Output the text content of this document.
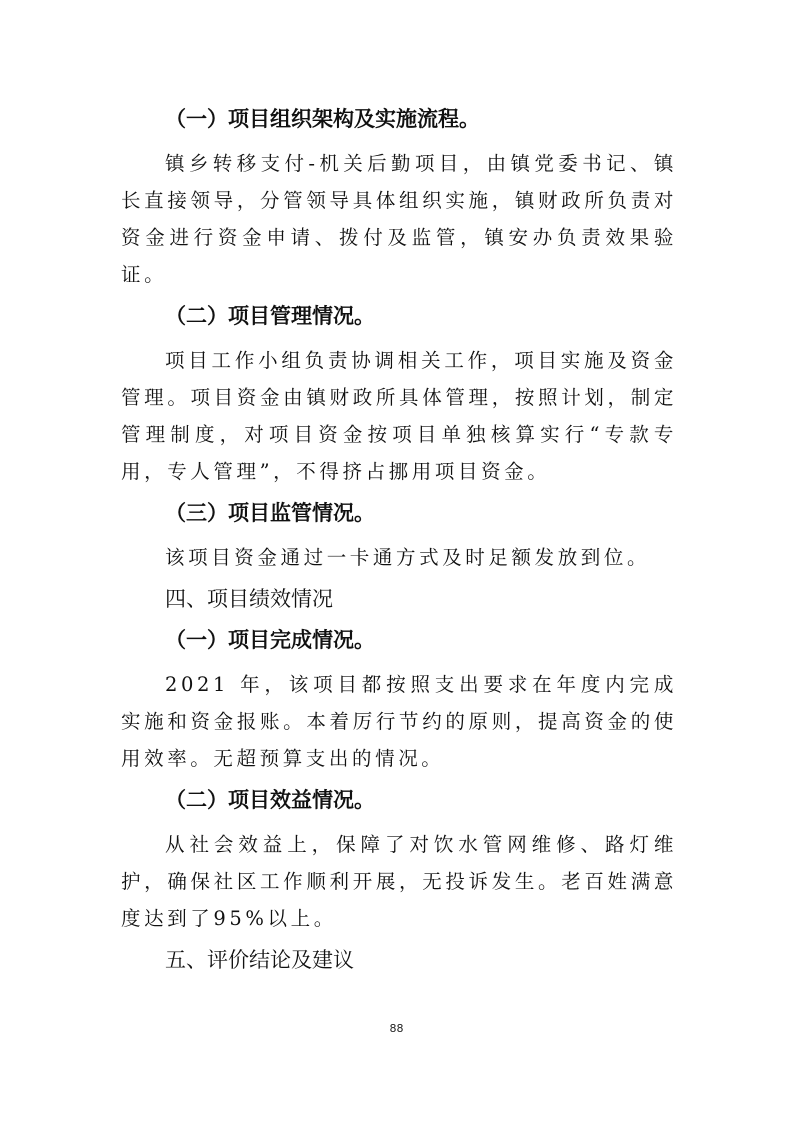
（一）项目组织架构及实施流程。

镇乡转移支付-机关后勤项目，由镇党委书记、镇长直接领导，分管领导具体组织实施，镇财政所负责对资金进行资金申请、拨付及监管，镇安办负责效果验证。

（二）项目管理情况。

项目工作小组负责协调相关工作，项目实施及资金管理。项目资金由镇财政所具体管理，按照计划，制定管理制度，对项目资金按项目单独核算实行“专款专用，专人管理”，不得挤占挪用项目资金。

（三）项目监管情况。

该项目资金通过一卡通方式及时足额发放到位。

四、项目绩效情况

（一）项目完成情况。

2021 年，该项目都按照支出要求在年度内完成实施和资金报账。本着厉行节约的原则，提高资金的使用效率。无超预算支出的情况。

（二）项目效益情况。

从社会效益上，保障了对饮水管网维修、路灯维护，确保社区工作顺利开展，无投诉发生。老百姓满意度达到了95%以上。

五、评价结论及建议

88
